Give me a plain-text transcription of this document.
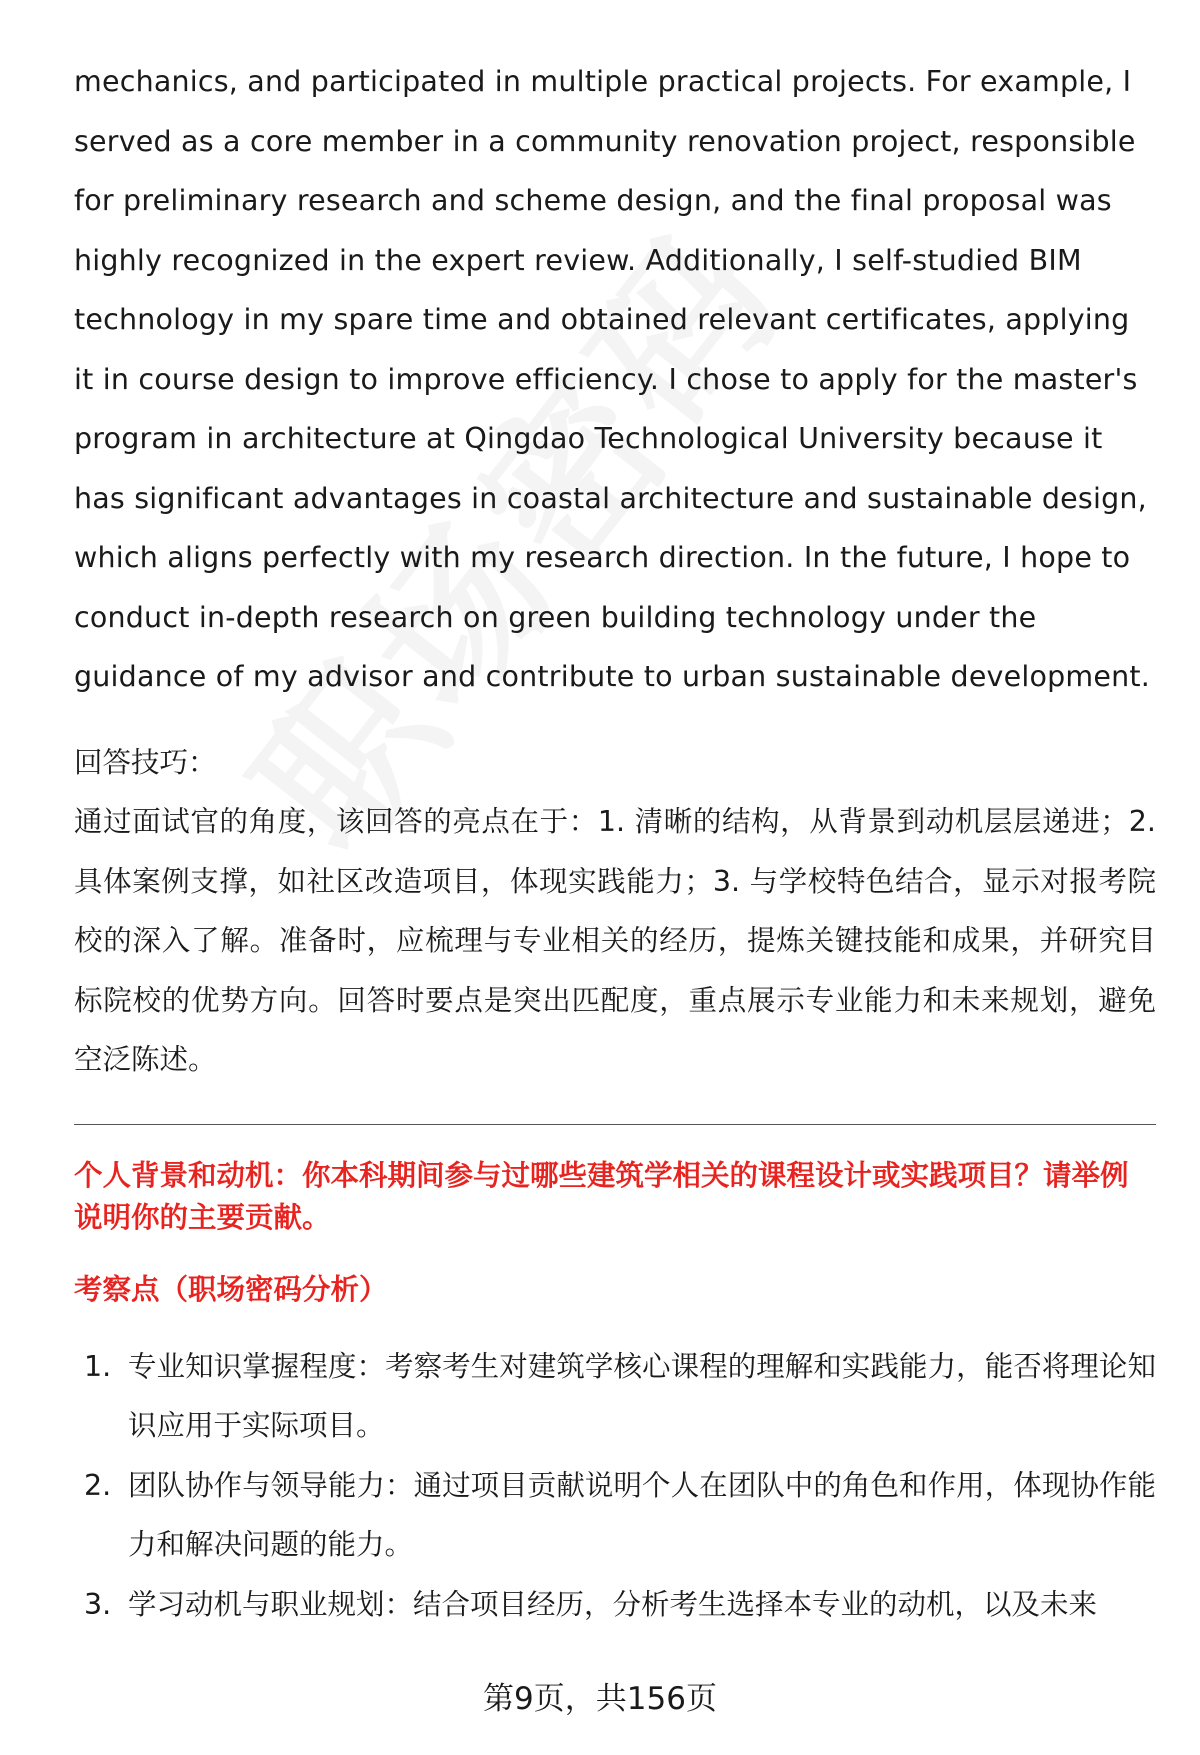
mechanics, and participated in multiple practical projects. For example, I served as a core member in a community renovation project, responsible for preliminary research and scheme design, and the final proposal was highly recognized in the expert review. Additionally, I self-studied BIM technology in my spare time and obtained relevant certificates, applying it in course design to improve efficiency. I chose to apply for the master's program in architecture at Qingdao Technological University because it has significant advantages in coastal architecture and sustainable design, which aligns perfectly with my research direction. In the future, I hope to conduct in-depth research on green building technology under the guidance of my advisor and contribute to urban sustainable development.

回答技巧：

通过面试官的角度，该回答的亮点在于：1. 清晰的结构，从背景到动机层层递进；2. 具体案例支撑，如社区改造项目，体现实践能力；3. 与学校特色结合，显示对报考院校的深入了解。准备时，应梳理与专业相关的经历，提炼关键技能和成果，并研究目标院校的优势方向。回答时要点是突出匹配度，重点展示专业能力和未来规划，避免空泛陈述。

个人背景和动机：你本科期间参与过哪些建筑学相关的课程设计或实践项目？请举例说明你的主要贡献。

考察点（职场密码分析）

1. 专业知识掌握程度：考察考生对建筑学核心课程的理解和实践能力，能否将理论知识应用于实际项目。
2. 团队协作与领导能力：通过项目贡献说明个人在团队中的角色和作用，体现协作能力和解决问题的能力。
3. 学习动机与职业规划：结合项目经历，分析考生选择本专业的动机，以及未来
第9页，共156页
